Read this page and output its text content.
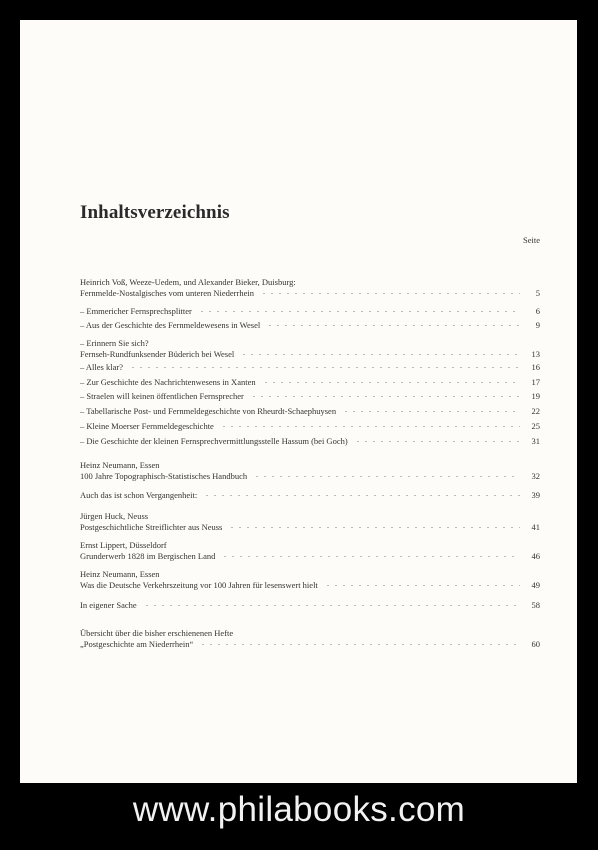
Inhaltsverzeichnis
Seite
Heinrich Voß, Weeze-Uedem, und Alexander Bieker, Duisburg:
Fernmelde-Nostalgisches vom unteren Niederrhein	5
– Emmericher Fernsprechsplitter	6
– Aus der Geschichte des Fernmeldewesens in Wesel	9
– Erinnern Sie sich?
Fernseh-Rundfunksender Büderich bei Wesel	13
– Alles klar?	16
– Zur Geschichte des Nachrichtenwesens in Xanten	17
– Straelen will keinen öffentlichen Fernsprecher	19
– Tabellarische Post- und Fernmeldegeschichte von Rheurdt-Schaephuysen	22
– Kleine Moerser Fernmeldegeschichte	25
– Die Geschichte der kleinen Fernsprechvermittlungsstelle Hassum (bei Goch)	31
Heinz Neumann, Essen
100 Jahre Topographisch-Statistisches Handbuch	32
Auch das ist schon Vergangenheit:	39
Jürgen Huck, Neuss
Postgeschichtliche Streiflichter aus Neuss	41
Ernst Lippert, Düsseldorf
Grunderwerb 1828 im Bergischen Land	46
Heinz Neumann, Essen
Was die Deutsche Verkehrszeitung vor 100 Jahren für lesenswert hielt	49
In eigener Sache	58
Übersicht über die bisher erschienenen Hefte
„Postgeschichte am Niederrhein“	60
www.philabooks.com
